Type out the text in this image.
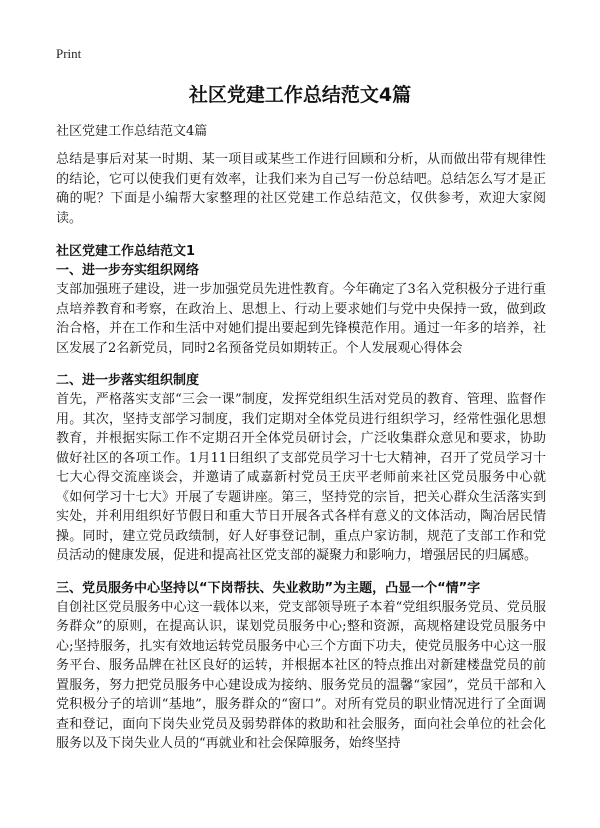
Print
社区党建工作总结范文4篇

社区党建工作总结范文4篇

总结是事后对某一时期、某一项目或某些工作进行回顾和分析，从而做出带有规律性的结论，它可以使我们更有效率，让我们来为自己写一份总结吧。总结怎么写才是正确的呢？下面是小编帮大家整理的社区党建工作总结范文，仅供参考，欢迎大家阅读。

社区党建工作总结范文1

一、进一步夯实组织网络

支部加强班子建设，进一步加强党员先进性教育。今年确定了3名入党积极分子进行重点培养教育和考察，在政治上、思想上、行动上要求她们与党中央保持一致，做到政治合格，并在工作和生活中对她们提出要起到先锋模范作用。通过一年多的培养，社区发展了2名新党员，同时2名预备党员如期转正。个人发展观心得体会

二、进一步落实组织制度

首先，严格落实支部“三会一课”制度，发挥党组织生活对党员的教育、管理、监督作用。其次，坚持支部学习制度，我们定期对全体党员进行组织学习，经常性强化思想教育，并根据实际工作不定期召开全体党员研讨会，广泛收集群众意见和要求，协助做好社区的各项工作。1月11日组织了支部党员学习十七大精神，召开了党员学习十七大心得交流座谈会，并邀请了咸嘉新村党员王庆平老师前来社区党员服务中心就《如何学习十七大》开展了专题讲座。第三，坚持党的宗旨，把关心群众生活落实到实处，并利用组织好节假日和重大节日开展各式各样有意义的文体活动，陶冶居民情操。同时，建立党员政绩制，好人好事登记制，重点户家访制，规范了支部工作和党员活动的健康发展，促进和提高社区党支部的凝聚力和影响力，增强居民的归属感。

三、党员服务中心坚持以“下岗帮扶、失业救助”为主题，凸显一个“情”字

自创社区党员服务中心这一载体以来，党支部领导班子本着“党组织服务党员、党员服务群众”的原则，在提高认识，谋划党员服务中心;整和资源，高规格建设党员服务中心;坚持服务，扎实有效地运转党员服务中心三个方面下功夫，使党员服务中心这一服务平台、服务品牌在社区良好的运转，并根据本社区的特点推出对新建楼盘党员的前置服务，努力把党员服务中心建设成为接纳、服务党员的温馨“家园”，党员干部和入党积极分子的培训“基地”，服务群众的“窗口”。对所有党员的职业情况进行了全面调查和登记，面向下岗失业党员及弱势群体的救助和社会服务，面向社会单位的社会化服务以及下岗失业人员的“再就业和社会保障服务，始终坚持
